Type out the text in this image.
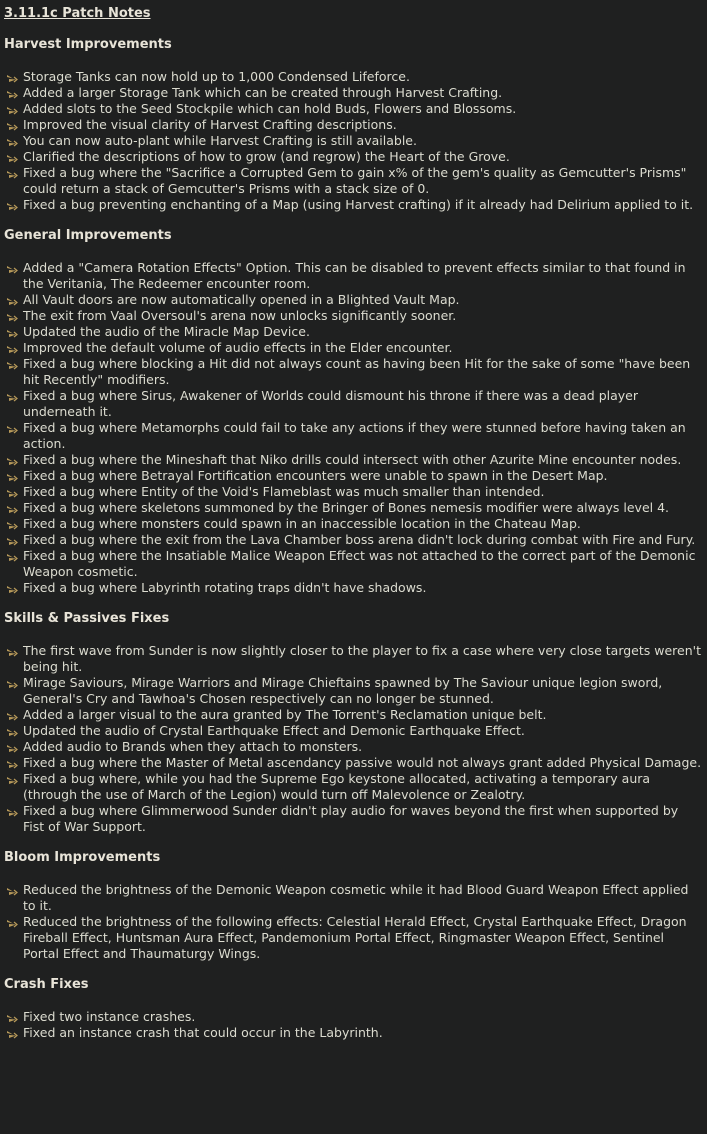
3.11.1c Patch Notes
Harvest Improvements
Storage Tanks can now hold up to 1,000 Condensed Lifeforce.
Added a larger Storage Tank which can be created through Harvest Crafting.
Added slots to the Seed Stockpile which can hold Buds, Flowers and Blossoms.
Improved the visual clarity of Harvest Crafting descriptions.
You can now auto-plant while Harvest Crafting is still available.
Clarified the descriptions of how to grow (and regrow) the Heart of the Grove.
Fixed a bug where the "Sacrifice a Corrupted Gem to gain x% of the gem's quality as Gemcutter's Prisms" could return a stack of Gemcutter's Prisms with a stack size of 0.
Fixed a bug preventing enchanting of a Map (using Harvest crafting) if it already had Delirium applied to it.
General Improvements
Added a "Camera Rotation Effects" Option. This can be disabled to prevent effects similar to that found in the Veritania, The Redeemer encounter room.
All Vault doors are now automatically opened in a Blighted Vault Map.
The exit from Vaal Oversoul's arena now unlocks significantly sooner.
Updated the audio of the Miracle Map Device.
Improved the default volume of audio effects in the Elder encounter.
Fixed a bug where blocking a Hit did not always count as having been Hit for the sake of some "have been hit Recently" modifiers.
Fixed a bug where Sirus, Awakener of Worlds could dismount his throne if there was a dead player underneath it.
Fixed a bug where Metamorphs could fail to take any actions if they were stunned before having taken an action.
Fixed a bug where the Mineshaft that Niko drills could intersect with other Azurite Mine encounter nodes.
Fixed a bug where Betrayal Fortification encounters were unable to spawn in the Desert Map.
Fixed a bug where Entity of the Void's Flameblast was much smaller than intended.
Fixed a bug where skeletons summoned by the Bringer of Bones nemesis modifier were always level 4.
Fixed a bug where monsters could spawn in an inaccessible location in the Chateau Map.
Fixed a bug where the exit from the Lava Chamber boss arena didn't lock during combat with Fire and Fury.
Fixed a bug where the Insatiable Malice Weapon Effect was not attached to the correct part of the Demonic Weapon cosmetic.
Fixed a bug where Labyrinth rotating traps didn't have shadows.
Skills & Passives Fixes
The first wave from Sunder is now slightly closer to the player to fix a case where very close targets weren't being hit.
Mirage Saviours, Mirage Warriors and Mirage Chieftains spawned by The Saviour unique legion sword, General's Cry and Tawhoa's Chosen respectively can no longer be stunned.
Added a larger visual to the aura granted by The Torrent's Reclamation unique belt.
Updated the audio of Crystal Earthquake Effect and Demonic Earthquake Effect.
Added audio to Brands when they attach to monsters.
Fixed a bug where the Master of Metal ascendancy passive would not always grant added Physical Damage.
Fixed a bug where, while you had the Supreme Ego keystone allocated, activating a temporary aura (through the use of March of the Legion) would turn off Malevolence or Zealotry.
Fixed a bug where Glimmerwood Sunder didn't play audio for waves beyond the first when supported by Fist of War Support.
Bloom Improvements
Reduced the brightness of the Demonic Weapon cosmetic while it had Blood Guard Weapon Effect applied to it.
Reduced the brightness of the following effects: Celestial Herald Effect, Crystal Earthquake Effect, Dragon Fireball Effect, Huntsman Aura Effect, Pandemonium Portal Effect, Ringmaster Weapon Effect, Sentinel Portal Effect and Thaumaturgy Wings.
Crash Fixes
Fixed two instance crashes.
Fixed an instance crash that could occur in the Labyrinth.
